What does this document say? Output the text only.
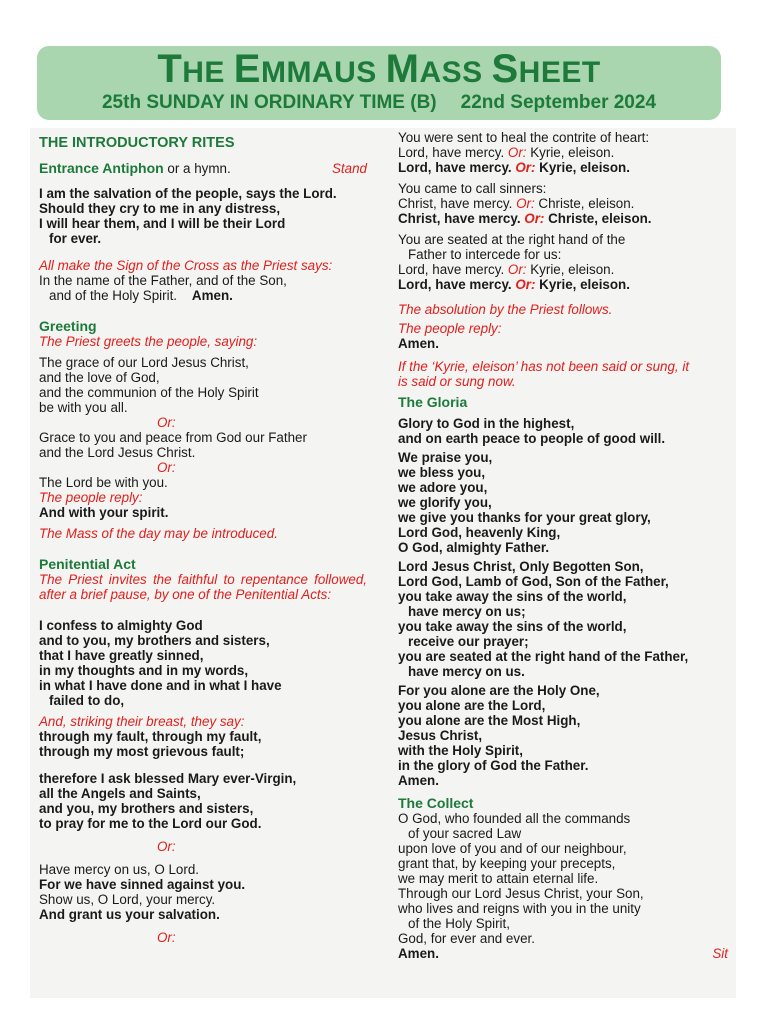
THE EMMAUS MASS SHEET
25th SUNDAY IN ORDINARY TIME (B) 22nd September 2024
THE INTRODUCTORY RITES
Entrance Antiphon or a hymn.	Stand
I am the salvation of the people, says the Lord.
Should they cry to me in any distress,
I will hear them, and I will be their Lord
for ever.
All make the Sign of the Cross as the Priest says:
In the name of the Father, and of the Son,
and of the Holy Spirit. Amen.
Greeting
The Priest greets the people, saying:
The grace of our Lord Jesus Christ,
and the love of God,
and the communion of the Holy Spirit
be with you all.
Or:
Grace to you and peace from God our Father
and the Lord Jesus Christ.
Or:
The Lord be with you.
The people reply:
And with your spirit.
The Mass of the day may be introduced.
Penitential Act
The Priest invites the faithful to repentance followed, after a brief pause, by one of the Penitential Acts:
I confess to almighty God
and to you, my brothers and sisters,
that I have greatly sinned,
in my thoughts and in my words,
in what I have done and in what I have
failed to do,
And, striking their breast, they say:
through my fault, through my fault,
through my most grievous fault;
therefore I ask blessed Mary ever-Virgin,
all the Angels and Saints,
and you, my brothers and sisters,
to pray for me to the Lord our God.
Or:
Have mercy on us, O Lord.
For we have sinned against you.
Show us, O Lord, your mercy.
And grant us your salvation.
Or:
You were sent to heal the contrite of heart:
Lord, have mercy. Or: Kyrie, eleison.
Lord, have mercy. Or: Kyrie, eleison.
You came to call sinners:
Christ, have mercy. Or: Christe, eleison.
Christ, have mercy. Or: Christe, eleison.
You are seated at the right hand of the
Father to intercede for us:
Lord, have mercy. Or: Kyrie, eleison.
Lord, have mercy. Or: Kyrie, eleison.
The absolution by the Priest follows.
The people reply:
Amen.
If the ‘Kyrie, eleison’ has not been said or sung, it is said or sung now.
The Gloria
Glory to God in the highest,
and on earth peace to people of good will.
We praise you,
we bless you,
we adore you,
we glorify you,
we give you thanks for your great glory,
Lord God, heavenly King,
O God, almighty Father.
Lord Jesus Christ, Only Begotten Son,
Lord God, Lamb of God, Son of the Father,
you take away the sins of the world,
have mercy on us;
you take away the sins of the world,
receive our prayer;
you are seated at the right hand of the Father,
have mercy on us.
For you alone are the Holy One,
you alone are the Lord,
you alone are the Most High,
Jesus Christ,
with the Holy Spirit,
in the glory of God the Father.
Amen.
The Collect
O God, who founded all the commands
of your sacred Law
upon love of you and of our neighbour,
grant that, by keeping your precepts,
we may merit to attain eternal life.
Through our Lord Jesus Christ, your Son,
who lives and reigns with you in the unity
of the Holy Spirit,
God, for ever and ever.
Amen.	Sit
